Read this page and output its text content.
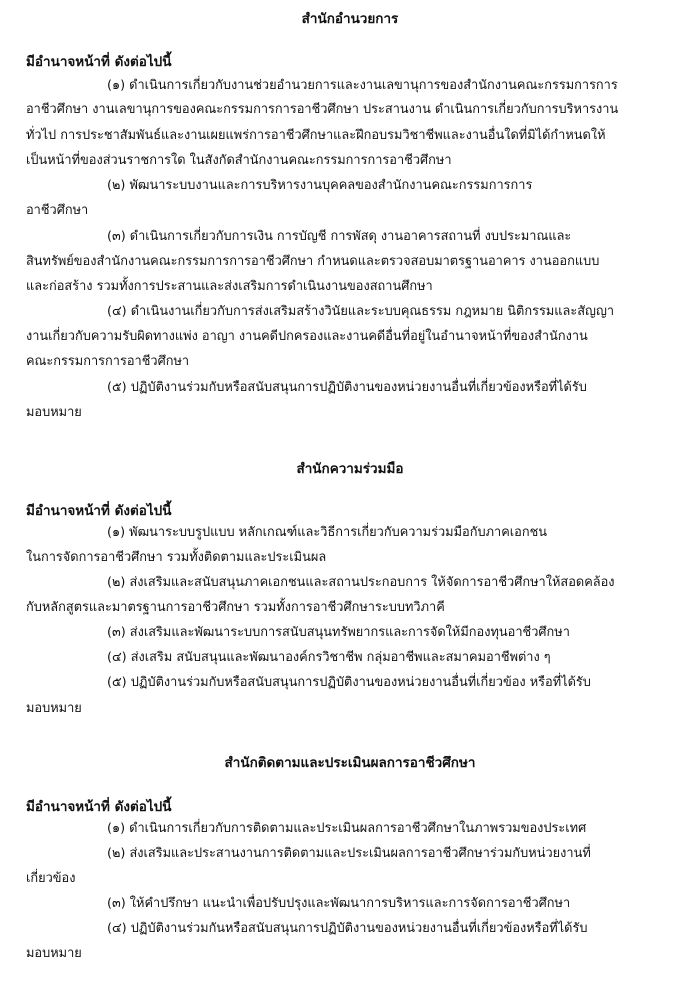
สำนักอำนวยการ
มีอำนาจหน้าที่ ดังต่อไปนี้
(๑) ดำเนินการเกี่ยวกับงานช่วยอำนวยการและงานเลขานุการของสำนักงานคณะกรรมการการ
อาชีวศึกษา งานเลขานุการของคณะกรรมการการอาชีวศึกษา ประสานงาน ดำเนินการเกี่ยวกับการบริหารงาน
ทั่วไป การประชาสัมพันธ์และงานเผยแพร่การอาชีวศึกษาและฝึกอบรมวิชาชีพและงานอื่นใดที่มิได้กำหนดให้
เป็นหน้าที่ของส่วนราชการใด ในสังกัดสำนักงานคณะกรรมการการอาชีวศึกษา
(๒) พัฒนาระบบงานและการบริหารงานบุคคลของสำนักงานคณะกรรมการการ
อาชีวศึกษา
(๓) ดำเนินการเกี่ยวกับการเงิน การบัญชี การพัสดุ งานอาคารสถานที่ งบประมาณและ
สินทรัพย์ของสำนักงานคณะกรรมการการอาชีวศึกษา กำหนดและตรวจสอบมาตรฐานอาคาร งานออกแบบ
และก่อสร้าง รวมทั้งการประสานและส่งเสริมการดำเนินงานของสถานศึกษา
(๔) ดำเนินงานเกี่ยวกับการส่งเสริมสร้างวินัยและระบบคุณธรรม กฎหมาย นิติกรรมและสัญญา
งานเกี่ยวกับความรับผิดทางแพ่ง อาญา งานคดีปกครองและงานคดีอื่นที่อยู่ในอำนาจหน้าที่ของสำนักงาน
คณะกรรมการการอาชีวศึกษา
(๕) ปฏิบัติงานร่วมกับหรือสนับสนุนการปฏิบัติงานของหน่วยงานอื่นที่เกี่ยวข้องหรือที่ได้รับ
มอบหมาย
สำนักความร่วมมือ
มีอำนาจหน้าที่ ดังต่อไปนี้
(๑) พัฒนาระบบรูปแบบ หลักเกณฑ์และวิธีการเกี่ยวกับความร่วมมือกับภาคเอกชน
ในการจัดการอาชีวศึกษา รวมทั้งติดตามและประเมินผล
(๒) ส่งเสริมและสนับสนุนภาคเอกชนและสถานประกอบการ ให้จัดการอาชีวศึกษาให้สอดคล้อง
กับหลักสูตรและมาตรฐานการอาชีวศึกษา รวมทั้งการอาชีวศึกษาระบบทวิภาคี
(๓) ส่งเสริมและพัฒนาระบบการสนับสนุนทรัพยากรและการจัดให้มีกองทุนอาชีวศึกษา
(๔) ส่งเสริม สนับสนุนและพัฒนาองค์กรวิชาชีพ กลุ่มอาชีพและสมาคมอาชีพต่าง ๆ
(๕) ปฏิบัติงานร่วมกับหรือสนับสนุนการปฏิบัติงานของหน่วยงานอื่นที่เกี่ยวข้อง หรือที่ได้รับ
มอบหมาย
สำนักติดตามและประเมินผลการอาชีวศึกษา
มีอำนาจหน้าที่ ดังต่อไปนี้
(๑) ดำเนินการเกี่ยวกับการติดตามและประเมินผลการอาชีวศึกษาในภาพรวมของประเทศ
(๒) ส่งเสริมและประสานงานการติดตามและประเมินผลการอาชีวศึกษาร่วมกับหน่วยงานที่
เกี่ยวข้อง
(๓) ให้คำปรึกษา แนะนำเพื่อปรับปรุงและพัฒนาการบริหารและการจัดการอาชีวศึกษา
(๔) ปฏิบัติงานร่วมกันหรือสนับสนุนการปฏิบัติงานของหน่วยงานอื่นที่เกี่ยวข้องหรือที่ได้รับ
มอบหมาย
